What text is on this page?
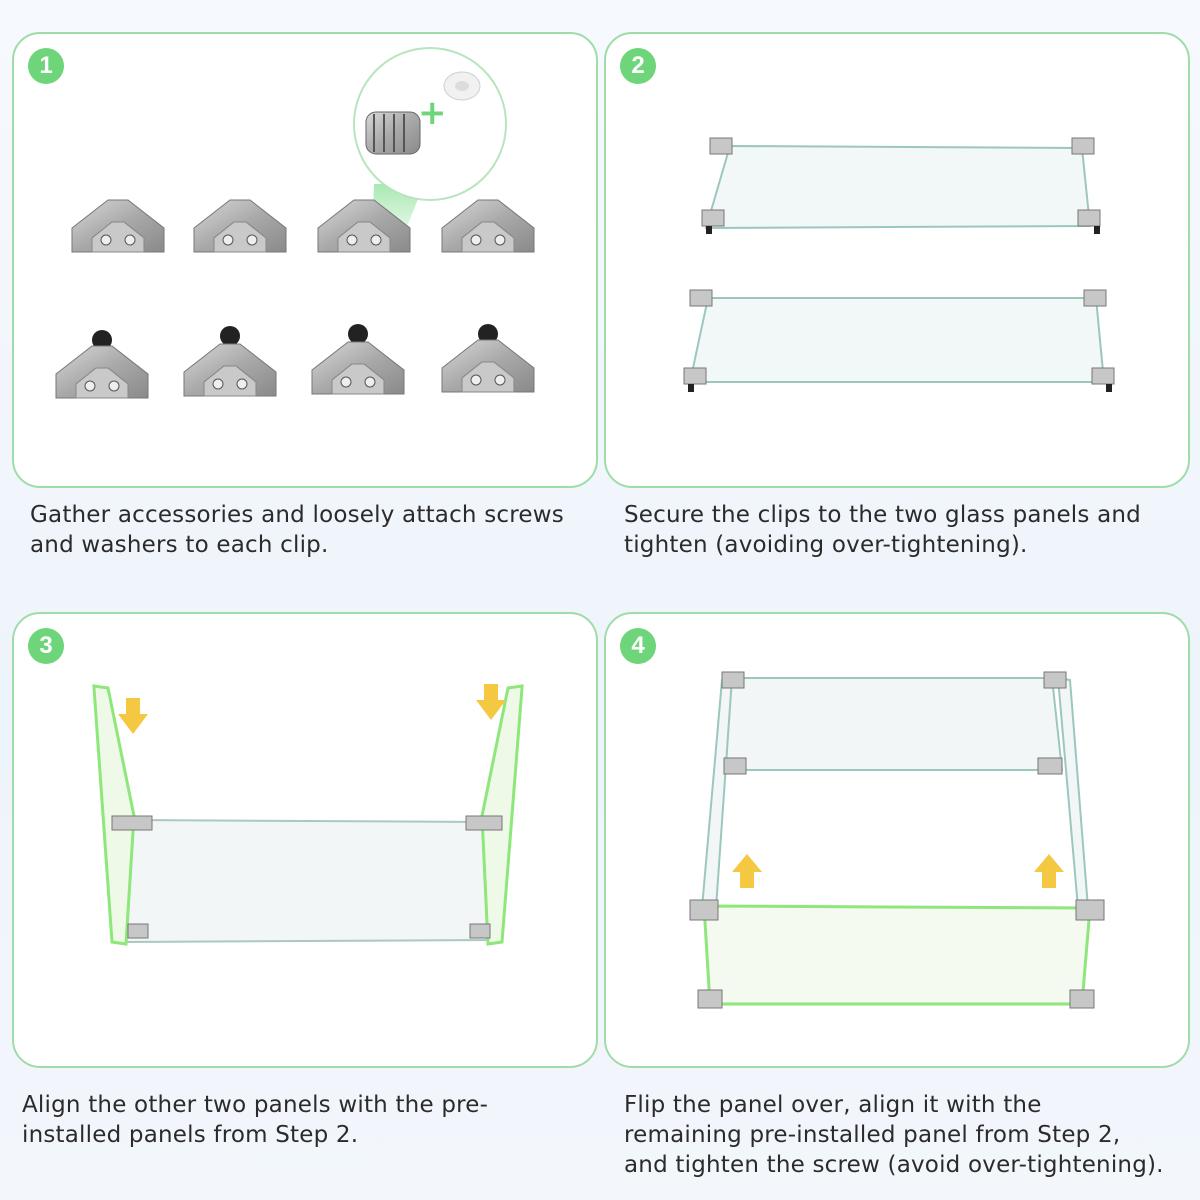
1
+

Gather accessories and loosely attach screws and washers to each clip.

2

Secure the clips to the two glass panels and tighten (avoiding over-tightening).

3

Align the other two panels with the pre-installed panels from Step 2.

4

Flip the panel over, align it with the remaining pre-installed panel from Step 2, and tighten the screw (avoid over-tightening).
